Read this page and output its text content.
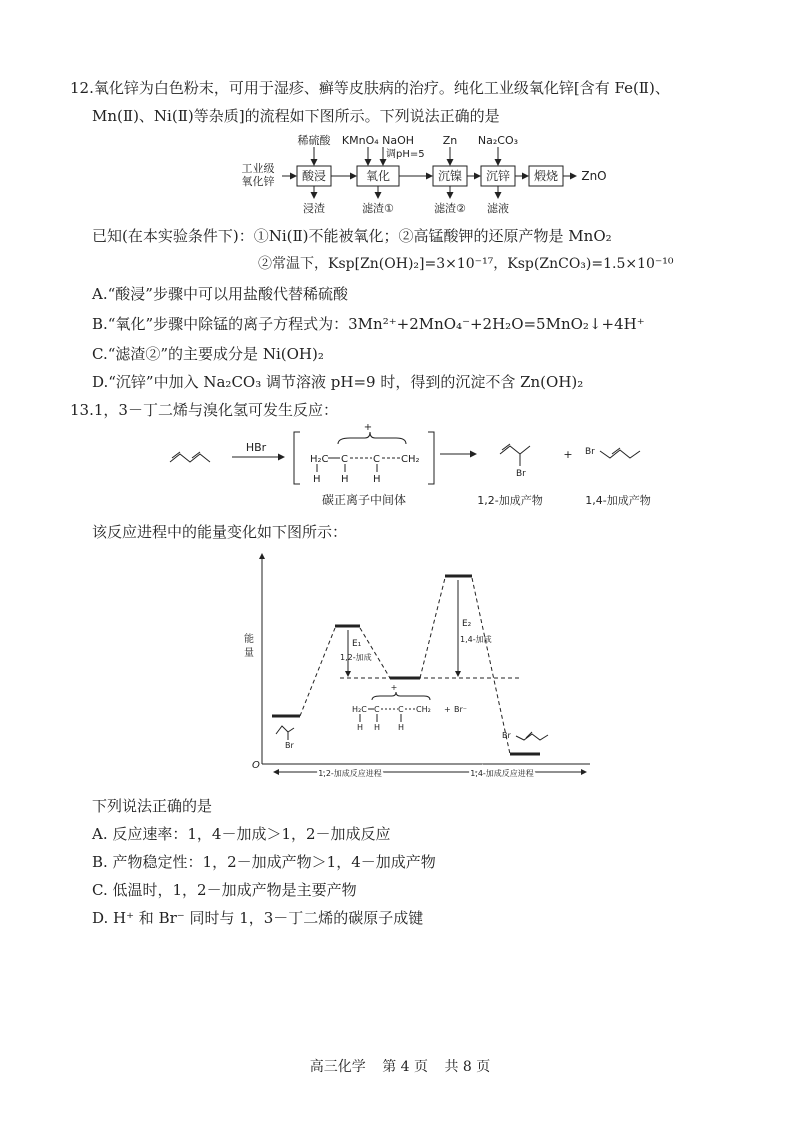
12.氧化锌为白色粉末，可用于湿疹、癣等皮肤病的治疗。纯化工业级氧化锌[含有 Fe(Ⅱ)、
Mn(Ⅱ)、Ni(Ⅱ)等杂质]的流程如下图所示。下列说法正确的是
工业级
氧化锌 酸浸	氧化	沉镍 沉锌 煅烧 ZnO
稀硫酸 KMnO₄ NaOH
调pH=5
Zn Na₂CO₃
浸渣	滤渣①	滤渣② 滤液
已知(在本实验条件下)：①Ni(Ⅱ)不能被氧化；②高锰酸钾的还原产物是 MnO₂
②常温下，Ksp[Zn(OH)₂]=3×10⁻¹⁷，Ksp(ZnCO₃)=1.5×10⁻¹⁰
A.“酸浸”步骤中可以用盐酸代替稀硫酸
B.“氧化”步骤中除锰的离子方程式为：3Mn²⁺+2MnO₄⁻+2H₂O=5MnO₂↓+4H⁺
C.“滤渣②”的主要成分是 Ni(OH)₂
D.“沉锌”中加入 Na₂CO₃ 调节溶液 pH=9 时，得到的沉淀不含 Zn(OH)₂
13.1，3－丁二烯与溴化氢可发生反应：
HBr
H₂C C	C CH₂
+
H H H
碳正离子中间体
Br
1,2-加成产物
+ Br
1,4-加成产物
该反应进程中的能量变化如下图所示：
能
量
O
Br
E₁
1,2-加成
H₂C C C CH₂
+
H H H
+ Br⁻
E₂
1,4-加成
Br
1,2-加成反应进程	1,4-加成反应进程
下列说法正确的是
A. 反应速率：1，4－加成＞1，2－加成反应
B. 产物稳定性：1，2－加成产物＞1，4－加成产物
C. 低温时，1，2－加成产物是主要产物
D. H⁺ 和 Br⁻ 同时与 1，3－丁二烯的碳原子成键
高三化学 第 4 页 共 8 页
